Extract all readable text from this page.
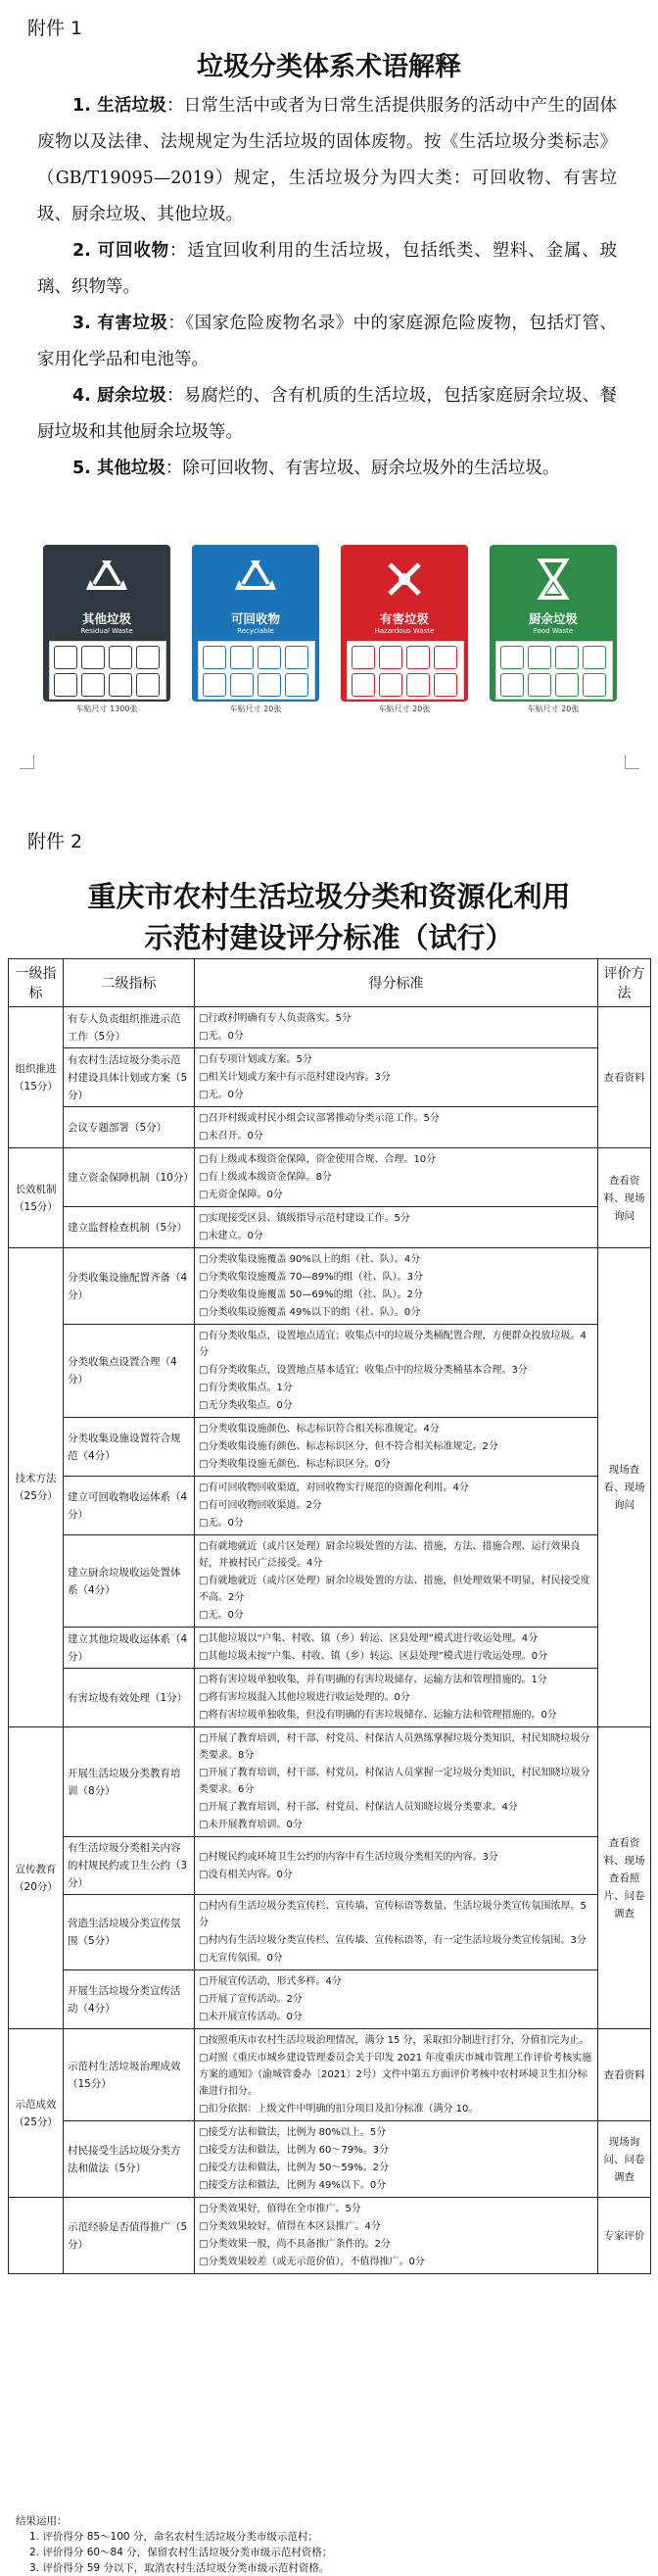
附件 1
垃圾分类体系术语解释

1. 生活垃圾：日常生活中或者为日常生活提供服务的活动中产生的固体废物以及法律、法规规定为生活垃圾的固体废物。按《生活垃圾分类标志》（GB/T19095—2019）规定，生活垃圾分为四大类：可回收物、有害垃圾、厨余垃圾、其他垃圾。

2. 可回收物：适宜回收利用的生活垃圾，包括纸类、塑料、金属、玻璃、织物等。

3. 有害垃圾：《国家危险废物名录》中的家庭源危险废物，包括灯管、家用化学品和电池等。

4. 厨余垃圾：易腐烂的、含有机质的生活垃圾，包括家庭厨余垃圾、餐厨垃圾和其他厨余垃圾等。

5. 其他垃圾：除可回收物、有害垃圾、厨余垃圾外的生活垃圾。

其他垃圾
Residual Waste
车贴尺寸 1300张
可回收物
Recyclable
车贴尺寸 20张
有害垃圾
Hazardous Waste
车贴尺寸 20张
厨余垃圾
Food Waste
车贴尺寸 20张
附件 2
重庆市农村生活垃圾分类和资源化利用
示范村建设评分标准（试行）
一级指标	二级指标	得分标准	评价方法
组织推进（15分）	有专人负责组织推进示范工作（5分）	□行政村明确有专人负责落实。5分
□无。0分	查看资料
	有农村生活垃圾分类示范村建设具体计划或方案（5分）	□有专项计划或方案。5分
□相关计划或方案中有示范村建设内容。3分
□无。0分	

	会议专题部署（5分）	□召开村级或村民小组会议部署推动分类示范工作。5分
□未召开。0分	

长效机制（15分）	建立资金保障机制（10分）	□有上级或本级资金保障，资金使用合规、合理。10分
□有上级或本级资金保障。8分
□无资金保障。0分	查看资料、现场询问
	建立监督检查机制（5分）	□实现接受区县、镇级指导示范村建设工作。5分
□未建立。0分	

技术方法（25分）	分类收集设施配置齐备（4分）	□分类收集设施覆盖 90%以上的组（社、队）。4分
□分类收集设施覆盖 70—89%的组（社、队）。3分
□分类收集设施覆盖 50—69%的组（社、队）。2分
□分类收集设施覆盖 49%以下的组（社、队）。0分	现场查看、现场询问
	分类收集点设置合理（4分）	□有分类收集点，设置地点适宜；收集点中的垃圾分类桶配置合理，方便群众投放垃圾。4分
□有分类收集点，设置地点基本适宜；收集点中的垃圾分类桶基本合理。3分
□有分类收集点。1分
□无分类收集点。0分	

	分类收集设施设置符合规范（4分）	□分类收集设施颜色、标志标识符合相关标准规定。4分
□分类收集设施有颜色、标志标识区分，但不符合相关标准规定。2分
□分类收集设施无颜色、标志标识区分。0分	

	建立可回收物收运体系（4分）	□有可回收物回收渠道，对回收物实行规范的资源化利用。4分
□有可回收物回收渠道。2分
□无。0分	

	建立厨余垃圾收运处置体系（4分）	□有就地就近（或片区处理）厨余垃圾处置的方法、措施，方法、措施合理、运行效果良好，并被村民广泛接受。4分
□有就地就近（或片区处理）厨余垃圾处置的方法、措施，但处理效果不明显，村民接受度不高。2分
□无。0分	

	建立其他垃圾收运体系（4分）	□其他垃圾以“户集、村收、镇（乡）转运、区县处理”模式进行收运处理。4分
□其他垃圾未按“户集、村收、镇（乡）转运、区县处理”模式进行收运处理。0分	

	有害垃圾有效处理（1分）	□将有害垃圾单独收集，并有明确的有害垃圾储存、运输方法和管理措施的。1分
□将有害垃圾混入其他垃圾进行收运处理的。0分
□将有害垃圾单独收集，但没有明确的有害垃圾储存、运输方法和管理措施的。0分	

宣传教育（20分）	开展生活垃圾分类教育培训（8分）	□开展了教育培训，村干部、村党员、村保洁人员熟练掌握垃圾分类知识，村民知晓垃圾分类要求。8分
□开展了教育培训，村干部、村党员、村保洁人员掌握一定垃圾分类知识，村民知晓垃圾分类要求。6分
□开展了教育培训，村干部、村党员、村保洁人员知晓垃圾分类要求。4分
□未开展教育培训。0分	查看资料、现场查看照片、问卷调查
	有生活垃圾分类相关内容的村规民约或卫生公约（3分）	□村规民约或环境卫生公约的内容中有生活垃圾分类相关的内容。3分
□没有相关内容。0分	

	营造生活垃圾分类宣传氛围（5分）	□村内有生活垃圾分类宣传栏、宣传墙、宣传标语等数量、生活垃圾分类宣传氛围浓厚。5分
□村内有生活垃圾分类宣传栏、宣传墙、宣传标语等，有一定生活垃圾分类宣传氛围。3分
□无宣传氛围。0分	

	开展生活垃圾分类宣传活动（4分）	□开展宣传活动，形式多样。4分
□开展了宣传活动。2分
□未开展宣传活动。0分	

示范成效（25分）	示范村生活垃圾治理成效（15分）	□按照重庆市农村生活垃圾治理情况，满分 15 分，采取扣分制进行打分，分值扣完为止。
□对照《重庆市城乡建设管理委员会关于印发 2021 年度重庆市城市管理工作评价考核实施方案的通知》（渝城管委办〔2021〕2号）文件中第五方面评价考核中农村环境卫生扣分标准进行扣分。
□扣分依据：上级文件中明确的扣分项目及扣分标准（满分 10。	查看资料
	村民接受生活垃圾分类方法和做法（5分）	□接受方法和做法，比例为 80%以上。5分
□接受方法和做法，比例为 60～79%。3分
□接受方法和做法，比例为 50～59%。2分
□接受方法和做法，比例为 49%以下。0分	现场询问、问卷调查
	示范经验是否值得推广（5分）	□分类效果好，值得在全市推广。5分
□分类效果较好，值得在本区县推广。4分
□分类效果一般，尚不具备推广条件的。2分
□分类效果较差（或无示范价值），不值得推广。0分	专家评价
结果运用：
1. 评价得分 85～100 分，命名农村生活垃圾分类市级示范村；
2. 评价得分 60～84 分，保留农村生活垃圾分类市级示范村资格；
3. 评价得分 59 分以下，取消农村生活垃圾分类市级示范村资格。
